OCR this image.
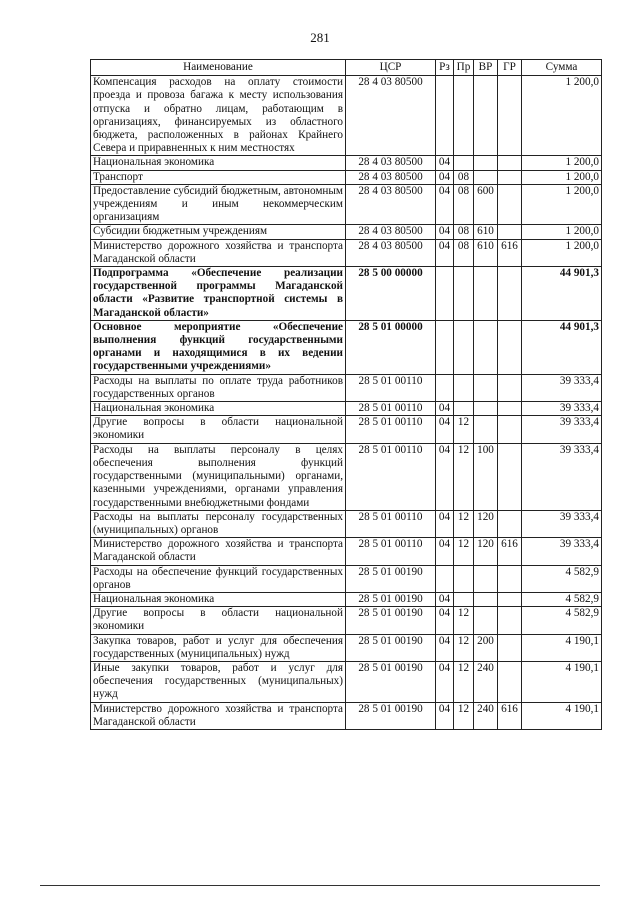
281
Наименование	ЦСР	Рз	Пр	ВР	ГР	Сумма
Компенсация расходов на оплату стоимости проезда и провоза багажа к месту использования отпуска и обратно лицам, работающим в организациях, финансируемых из областного бюджета, расположенных в районах Крайнего Севера и приравненных к ним местностях	28 4 03 80500					1 200,0
Национальная экономика	28 4 03 80500	04				1 200,0
Транспорт	28 4 03 80500	04	08			1 200,0
Предоставление субсидий бюджетным, автономным учреждениям и иным некоммерческим организациям	28 4 03 80500	04	08	600		1 200,0
Субсидии бюджетным учреждениям	28 4 03 80500	04	08	610		1 200,0
Министерство дорожного хозяйства и транспорта Магаданской области	28 4 03 80500	04	08	610	616	1 200,0
Подпрограмма «Обеспечение реализации государственной программы Магаданской области «Развитие транспортной системы в Магаданской области»	28 5 00 00000					44 901,3
Основное мероприятие «Обеспечение выполнения функций государственными органами и находящимися в их ведении государственными учреждениями»	28 5 01 00000					44 901,3
Расходы на выплаты по оплате труда работников государственных органов	28 5 01 00110					39 333,4
Национальная экономика	28 5 01 00110	04				39 333,4
Другие вопросы в области национальной экономики	28 5 01 00110	04	12			39 333,4
Расходы на выплаты персоналу в целях обеспечения выполнения функций государственными (муниципальными) органами, казенными учреждениями, органами управления государственными внебюджетными фондами	28 5 01 00110	04	12	100		39 333,4
Расходы на выплаты персоналу государственных (муниципальных) органов	28 5 01 00110	04	12	120		39 333,4
Министерство дорожного хозяйства и транспорта Магаданской области	28 5 01 00110	04	12	120	616	39 333,4
Расходы на обеспечение функций государственных органов	28 5 01 00190					4 582,9
Национальная экономика	28 5 01 00190	04				4 582,9
Другие вопросы в области национальной экономики	28 5 01 00190	04	12			4 582,9
Закупка товаров, работ и услуг для обеспечения государственных (муниципальных) нужд	28 5 01 00190	04	12	200		4 190,1
Иные закупки товаров, работ и услуг для обеспечения государственных (муниципальных) нужд	28 5 01 00190	04	12	240		4 190,1
Министерство дорожного хозяйства и транспорта Магаданской области	28 5 01 00190	04	12	240	616	4 190,1
